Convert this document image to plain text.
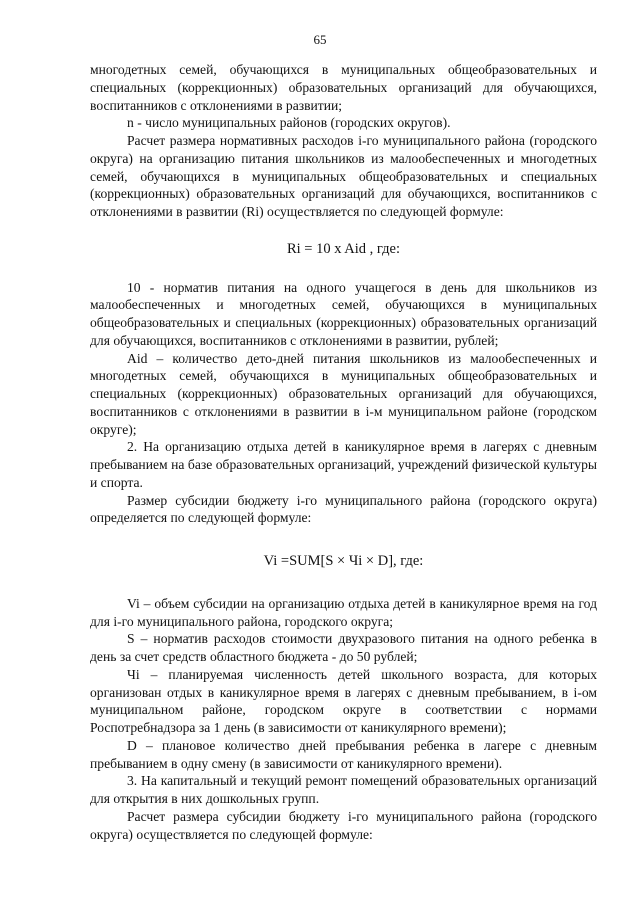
65

многодетных семей, обучающихся в муниципальных общеобразовательных и специальных (коррекционных) образовательных организаций для обучающихся, воспитанников с отклонениями в развитии;

n - число муниципальных районов (городских округов).

Расчет размера нормативных расходов i-го муниципального района (городского округа) на организацию питания школьников из малообеспеченных и многодетных семей, обучающихся в муниципальных общеобразовательных и специальных (коррекционных) образовательных организаций для обучающихся, воспитанников с отклонениями в развитии (Ri) осуществляется по следующей формуле:

Ri = 10 x Aid , где:

10 - норматив питания на одного учащегося в день для школьников из малообеспеченных и многодетных семей, обучающихся в муниципальных общеобразовательных и специальных (коррекционных) образовательных организаций для обучающихся, воспитанников с отклонениями в развитии, рублей;

Aid – количество дето-дней питания школьников из малообеспеченных и многодетных семей, обучающихся в муниципальных общеобразовательных и специальных (коррекционных) образовательных организаций для обучающихся, воспитанников с отклонениями в развитии в i-м муниципальном районе (городском округе);

2. На организацию отдыха детей в каникулярное время в лагерях с дневным пребыванием на базе образовательных организаций, учреждений физической культуры и спорта.

Размер субсидии бюджету i-го муниципального района (городского округа) определяется по следующей формуле:

Vi =SUM[S × Чi × D], где:

Vi – объем субсидии на организацию отдыха детей в каникулярное время на год для i-го муниципального района, городского округа;

S – норматив расходов стоимости двухразового питания на одного ребенка в день за счет средств областного бюджета - до 50 рублей;

Чi – планируемая численность детей школьного возраста, для которых организован отдых в каникулярное время в лагерях с дневным пребыванием, в i-ом муниципальном районе, городском округе в соответствии с нормами Роспотребнадзора за 1 день (в зависимости от каникулярного времени);

D – плановое количество дней пребывания ребенка в лагере с дневным пребыванием в одну смену (в зависимости от каникулярного времени).

3. На капитальный и текущий ремонт помещений образовательных организаций для открытия в них дошкольных групп.

Расчет размера субсидии бюджету i-го муниципального района (городского округа) осуществляется по следующей формуле:
